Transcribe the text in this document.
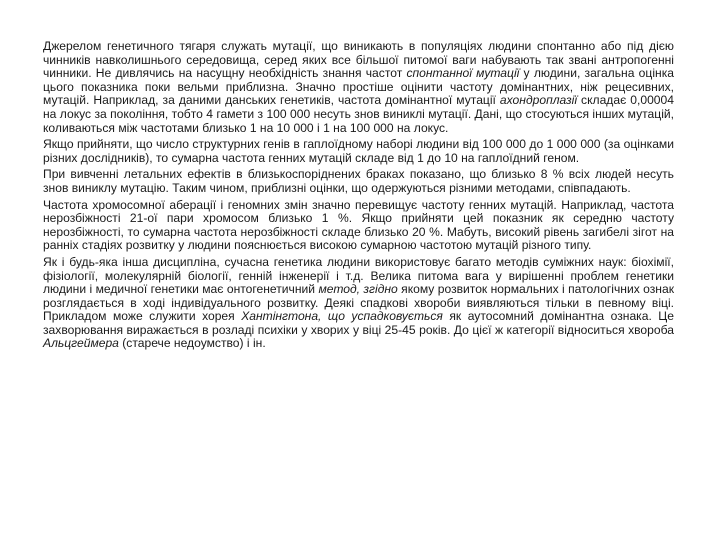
Джерелом генетичного тягаря служать мутації, що виникають в популяціях людини спонтанно або під дією чинників навколишнього середовища, серед яких все більшої питомої ваги набувають так звані антропогенні чинники. Не дивлячись на насущну необхідність знання частот спонтанної мутації у людини, загальна оцінка цього показника поки вельми приблизна. Значно простіше оцінити частоту домінантних, ніж рецесивних, мутацій. Наприклад, за даними данських генетиків, частота домінантної мутації ахондроплазії складає 0,00004 на локус за покоління, тобто 4 гамети з 100 000 несуть знов виниклі мутації. Дані, що стосуються інших мутацій, коливаються між частотами близько 1 на 10 000 і 1 на 100 000 на локус.

Якщо прийняти, що число структурних генів в гаплоїдному наборі людини від 100 000 до 1 000 000 (за оцінками різних дослідників), то сумарна частота генних мутацій складе від 1 до 10 на гаплоїдний геном.

При вивченні летальних ефектів в близькоспоріднених браках показано, що близько 8 % всіх людей несуть знов виниклу мутацію. Таким чином, приблизні оцінки, що одержуються різними методами, співпадають.

Частота хромосомної аберації і геномних змін значно перевищує частоту генних мутацій. Наприклад, частота нерозбіжності 21-ої пари хромосом близько 1 %. Якщо прийняти цей показник як середню частоту нерозбіжності, то сумарна частота нерозбіжності складе близько 20 %. Мабуть, високий рівень загибелі зігот на ранніх стадіях розвитку у людини пояснюється високою сумарною частотою мутацій різного типу.

Як і будь-яка інша дисципліна, сучасна генетика людини використовує багато методів суміжних наук: біохімії, фізіології, молекулярній біології, генній інженерії і т.д. Велика питома вага у вирішенні проблем генетики людини і медичної генетики має онтогенетичний метод, згідно якому розвиток нормальних і патологічних ознак розглядається в ході індивідуального розвитку. Деякі спадкові хвороби виявляються тільки в певному віці. Прикладом може служити хорея Хантінгтона, що успадковується як аутосомний домінантна ознака. Це захворювання виражається в розладі психіки у хворих у віці 25-45 років. До цієї ж категорії відноситься хвороба Альцгеймера (старече недоумство) і ін.
